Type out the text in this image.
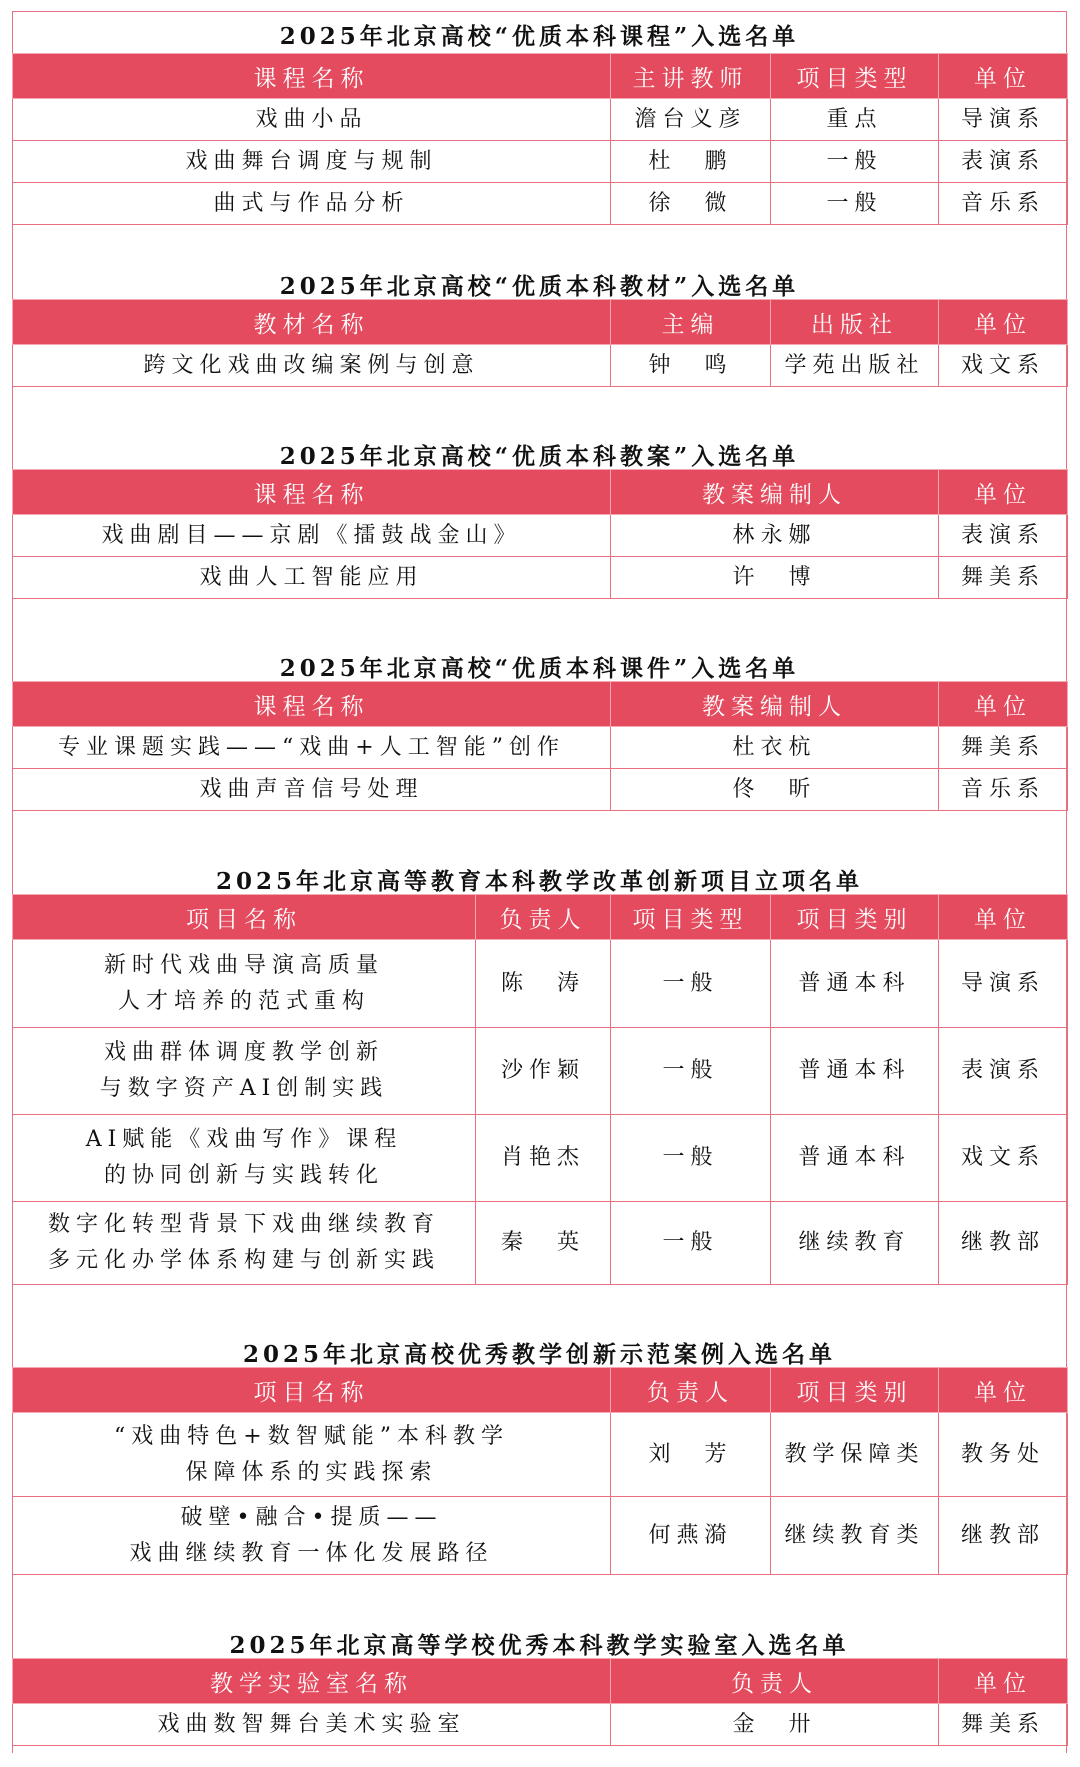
2025年北京高校“优质本科课程”入选名单
课程名称	主讲教师	项目类型	单位
戏曲小品	澹台义彦	重点	导演系
戏曲舞台调度与规制	杜　鹏	一般	表演系
曲式与作品分析	徐　微	一般	音乐系
2025年北京高校“优质本科教材”入选名单
教材名称	主编	出版社	单位
跨文化戏曲改编案例与创意	钟　鸣	学苑出版社	戏文系
2025年北京高校“优质本科教案”入选名单
课程名称	教案编制人	单位
戏曲剧目——京剧《擂鼓战金山》	林永娜	表演系
戏曲人工智能应用	许　博	舞美系
2025年北京高校“优质本科课件”入选名单
课程名称	教案编制人	单位
专业课题实践——“戏曲+人工智能”创作	杜衣杭	舞美系
戏曲声音信号处理	佟　昕	音乐系
2025年北京高等教育本科教学改革创新项目立项名单
项目名称	负责人	项目类型	项目类别	单位
新时代戏曲导演高质量
人才培养的范式重构	陈　涛	一般	普通本科	导演系
戏曲群体调度教学创新
与数字资产AI创制实践	沙作颖	一般	普通本科	表演系
AI赋能《戏曲写作》课程
的协同创新与实践转化	肖艳杰	一般	普通本科	戏文系
数字化转型背景下戏曲继续教育
多元化办学体系构建与创新实践	秦　英	一般	继续教育	继教部
2025年北京高校优秀教学创新示范案例入选名单
项目名称	负责人	项目类别	单位
“戏曲特色+数智赋能”本科教学
保障体系的实践探索	刘　芳	教学保障类	教务处
破壁•融合•提质——
戏曲继续教育一体化发展路径	何燕漪	继续教育类	继教部
2025年北京高等学校优秀本科教学实验室入选名单
教学实验室名称	负责人	单位
戏曲数智舞台美术实验室	金　卅	舞美系
